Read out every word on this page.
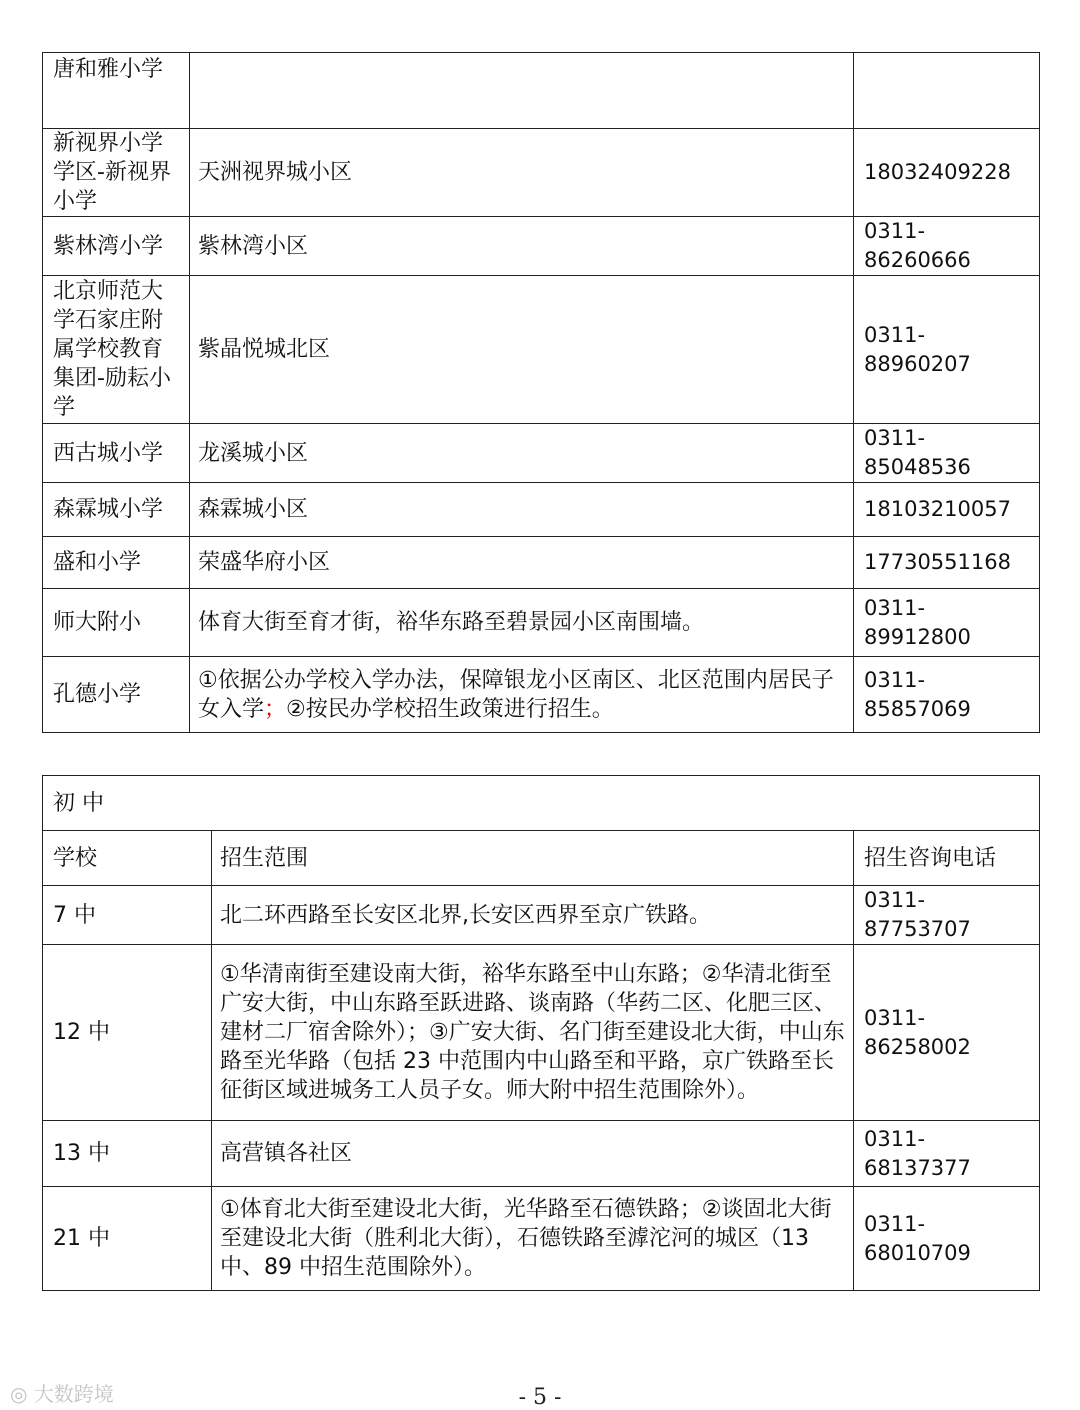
唐和雅小学		
新视界小学学区-新视界小学	天洲视界城小区	18032409228
紫林湾小学	紫林湾小区	0311-86260666
北京师范大学石家庄附属学校教育集团-励耘小学	紫晶悦城北区	0311-88960207
西古城小学	龙溪城小区	0311-85048536
森霖城小学	森霖城小区	18103210057
盛和小学	荣盛华府小区	17730551168
师大附小	体育大街至育才街，裕华东路至碧景园小区南围墙。	0311-89912800
孔德小学	①依据公办学校入学办法，保障银龙小区南区、北区范围内居民子女入学；②按民办学校招生政策进行招生。	0311-85857069
初 中		
学校	招生范围	招生咨询电话
7 中	北二环西路至长安区北界,长安区西界至京广铁路。	0311-87753707
12 中	①华清南街至建设南大街，裕华东路至中山东路；②华清北街至广安大街，中山东路至跃进路、谈南路（华药二区、化肥三区、建材二厂宿舍除外）；③广安大街、名门街至建设北大街，中山东路至光华路（包括 23 中范围内中山路至和平路，京广铁路至长征街区域进城务工人员子女。师大附中招生范围除外）。	0311-86258002
13 中	高营镇各社区	0311-68137377
21 中	①体育北大街至建设北大街，光华路至石德铁路；②谈固北大街至建设北大街（胜利北大街），石德铁路至滹沱河的城区（13 中、89 中招生范围除外）。	0311-68010709
◎ 大数跨境	- 5 -
